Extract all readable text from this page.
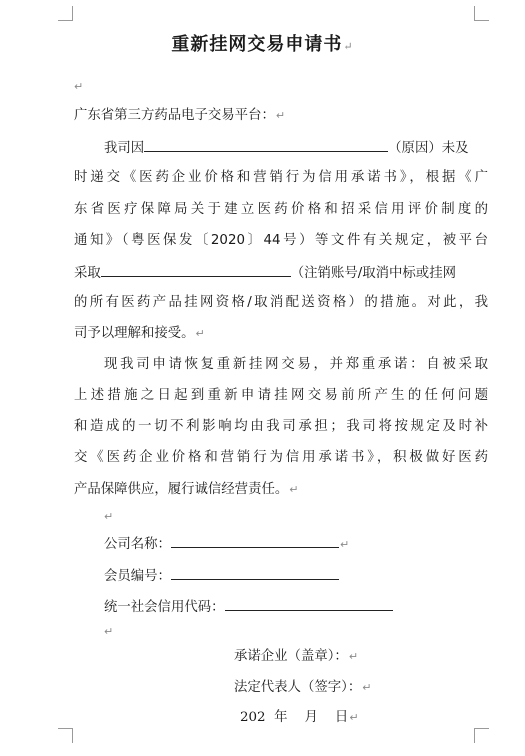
重新挂网交易申请书↵
↵
广东省第三方药品电子交易平台：↵
我司因	（原因）未及
时递交《医药企业价格和营销行为信用承诺书》，根据《广
东省医疗保障局关于建立医药价格和招采信用评价制度的
通知》（粤医保发〔2020〕44号）等文件有关规定，被平台
采取	（注销账号/取消中标或挂网
的所有医药产品挂网资格/取消配送资格）的措施。对此，我
司予以理解和接受。↵
现我司申请恢复重新挂网交易，并郑重承诺：自被采取
上述措施之日起到重新申请挂网交易前所产生的任何问题
和造成的一切不利影响均由我司承担；我司将按规定及时补
交《医药企业价格和营销行为信用承诺书》，积极做好医药
产品保障供应，履行诚信经营责任。↵
↵
公司名称：	↵
会员编号：
统一社会信用代码：
↵
承诺企业（盖章）：↵
法定代表人（签字）：↵
202 年    月    日↵
